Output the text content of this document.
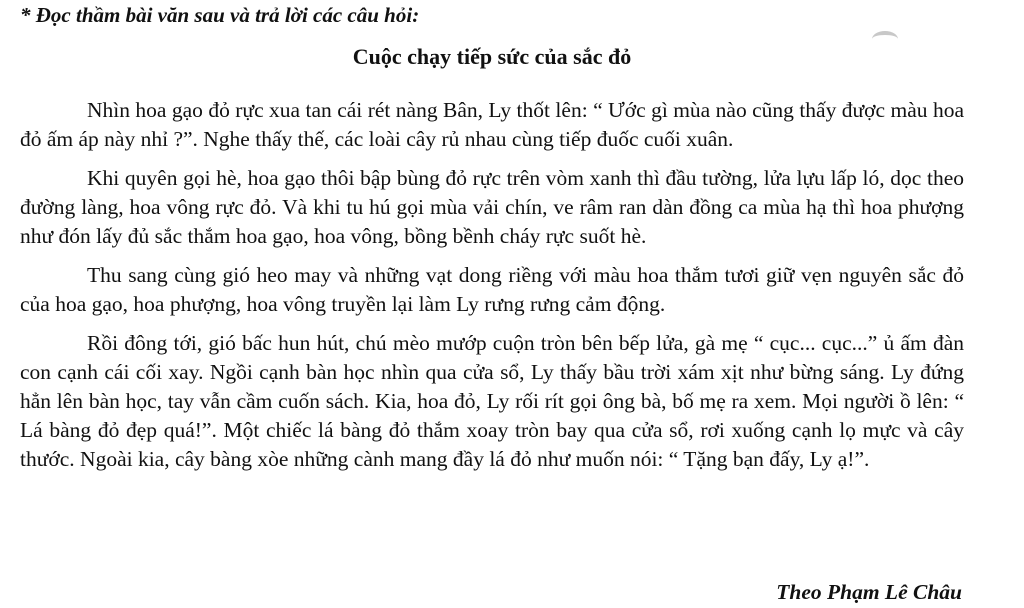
* Đọc thầm bài văn sau và trả lời các câu hỏi:
Cuộc chạy tiếp sức của sắc đỏ

Nhìn hoa gạo đỏ rực xua tan cái rét nàng Bân, Ly thốt lên: “ Ước gì mùa nào cũng thấy được màu hoa đỏ ấm áp này nhỉ ?”. Nghe thấy thế, các loài cây rủ nhau cùng tiếp đuốc cuối xuân.

Khi quyên gọi hè, hoa gạo thôi bập bùng đỏ rực trên vòm xanh thì đầu tường, lửa lựu lấp ló, dọc theo đường làng, hoa vông rực đỏ. Và khi tu hú gọi mùa vải chín, ve râm ran dàn đồng ca mùa hạ thì hoa phượng như đón lấy đủ sắc thắm hoa gạo, hoa vông, bồng bềnh cháy rực suốt hè.

Thu sang cùng gió heo may và những vạt dong riềng với màu hoa thắm tươi giữ vẹn nguyên sắc đỏ của hoa gạo, hoa phượng, hoa vông truyền lại làm Ly rưng rưng cảm động.

Rồi đông tới, gió bấc hun hút, chú mèo mướp cuộn tròn bên bếp lửa, gà mẹ “ cục... cục...” ủ ấm đàn con cạnh cái cối xay. Ngồi cạnh bàn học nhìn qua cửa sổ, Ly thấy bầu trời xám xịt như bừng sáng. Ly đứng hẳn lên bàn học, tay vẫn cầm cuốn sách. Kia, hoa đỏ, Ly rối rít gọi ông bà, bố mẹ ra xem. Mọi người ồ lên: “ Lá bàng đỏ đẹp quá!”. Một chiếc lá bàng đỏ thắm xoay tròn bay qua cửa sổ, rơi xuống cạnh lọ mực và cây thước. Ngoài kia, cây bàng xòe những cành mang đầy lá đỏ như muốn nói: “ Tặng bạn đấy, Ly ạ!”.

Theo Phạm Lê Châu
